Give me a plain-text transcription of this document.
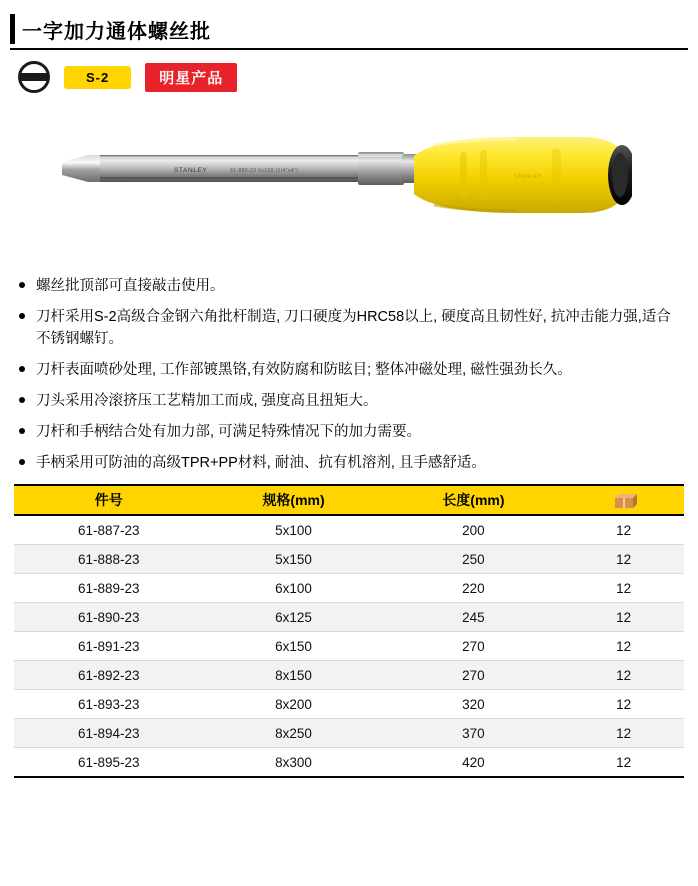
一字加力通体螺丝批
S-2	明星产品
STANLEY	61-889-23 6x100 (1/4"x4")
STANLEY
螺丝批顶部可直接敲击使用。
刀杆采用S-2高级合金钢六角批杆制造, 刀口硬度为HRC58以上, 硬度高且韧性好, 抗冲击能力强,适合不锈钢螺钉。
刀杆表面喷砂处理, 工作部镀黑铬,有效防腐和防眩目; 整体冲磁处理, 磁性强劲长久。
刀头采用冷滚挤压工艺精加工而成, 强度高且扭矩大。
刀杆和手柄结合处有加力部, 可满足特殊情况下的加力需要。
手柄采用可防油的高级TPR+PP材料, 耐油、抗有机溶剂, 且手感舒适。
件号	规格(mm)	长度(mm)	
61-887-23	5x100	200	12
61-888-23	5x150	250	12
61-889-23	6x100	220	12
61-890-23	6x125	245	12
61-891-23	6x150	270	12
61-892-23	8x150	270	12
61-893-23	8x200	320	12
61-894-23	8x250	370	12
61-895-23	8x300	420	12
